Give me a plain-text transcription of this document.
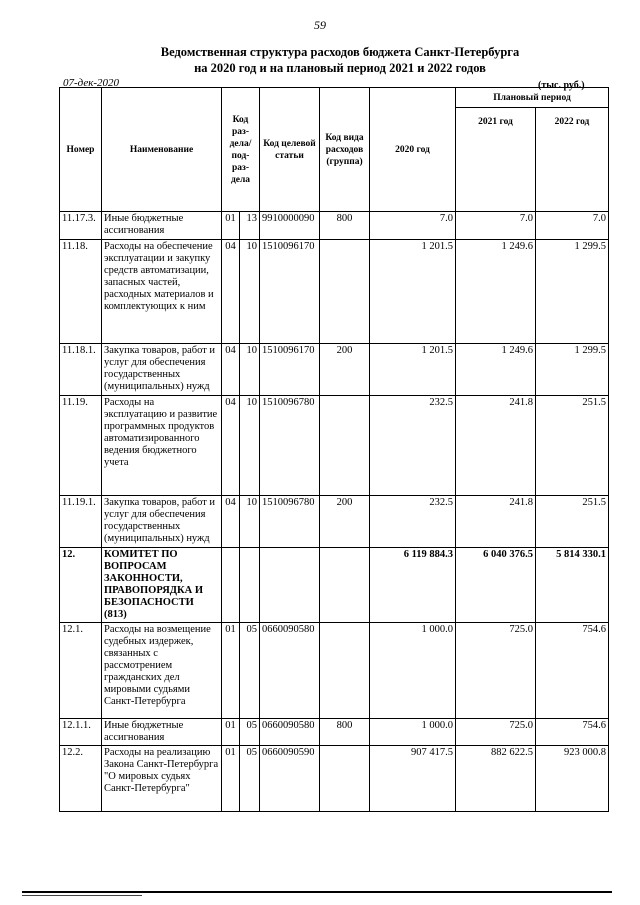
59
Ведомственная структура расходов бюджета Санкт-Петербурга
на 2020 год и на плановый период 2021 и 2022 годов
07-дек-2020	(тыс. руб.)
Номер	Наименование	Код раз-дела/ под-раз-дела		Код целевой статьи	Код вида расходов (группа)	2020 год	Плановый период	
							2021 год	2022 год
11.17.3.	Иные бюджетные ассигнования	01	13	9910000090	800	7.0	7.0	7.0
11.18.	Расходы на обеспечение эксплуатации и закупку средств автоматизации, запасных частей, расходных материалов и комплектующих к ним	04	10	1510096170		1 201.5	1 249.6	1 299.5
11.18.1.	Закупка товаров, работ и услуг для обеспечения государственных (муниципальных) нужд	04	10	1510096170	200	1 201.5	1 249.6	1 299.5
11.19.	Расходы на эксплуатацию и развитие программных продуктов автоматизированного ведения бюджетного учета	04	10	1510096780		232.5	241.8	251.5
11.19.1.	Закупка товаров, работ и услуг для обеспечения государственных (муниципальных) нужд	04	10	1510096780	200	232.5	241.8	251.5
12.	КОМИТЕТ ПО ВОПРОСАМ ЗАКОННОСТИ, ПРАВОПОРЯДКА И БЕЗОПАСНОСТИ (813)					6 119 884.3	6 040 376.5	5 814 330.1
12.1.	Расходы на возмещение судебных издержек, связанных с рассмотрением гражданских дел мировыми судьями Санкт-Петербурга	01	05	0660090580		1 000.0	725.0	754.6
12.1.1.	Иные бюджетные ассигнования	01	05	0660090580	800	1 000.0	725.0	754.6
12.2.	Расходы на реализацию Закона Санкт-Петербурга "О мировых судьях Санкт-Петербурга"	01	05	0660090590		907 417.5	882 622.5	923 000.8
